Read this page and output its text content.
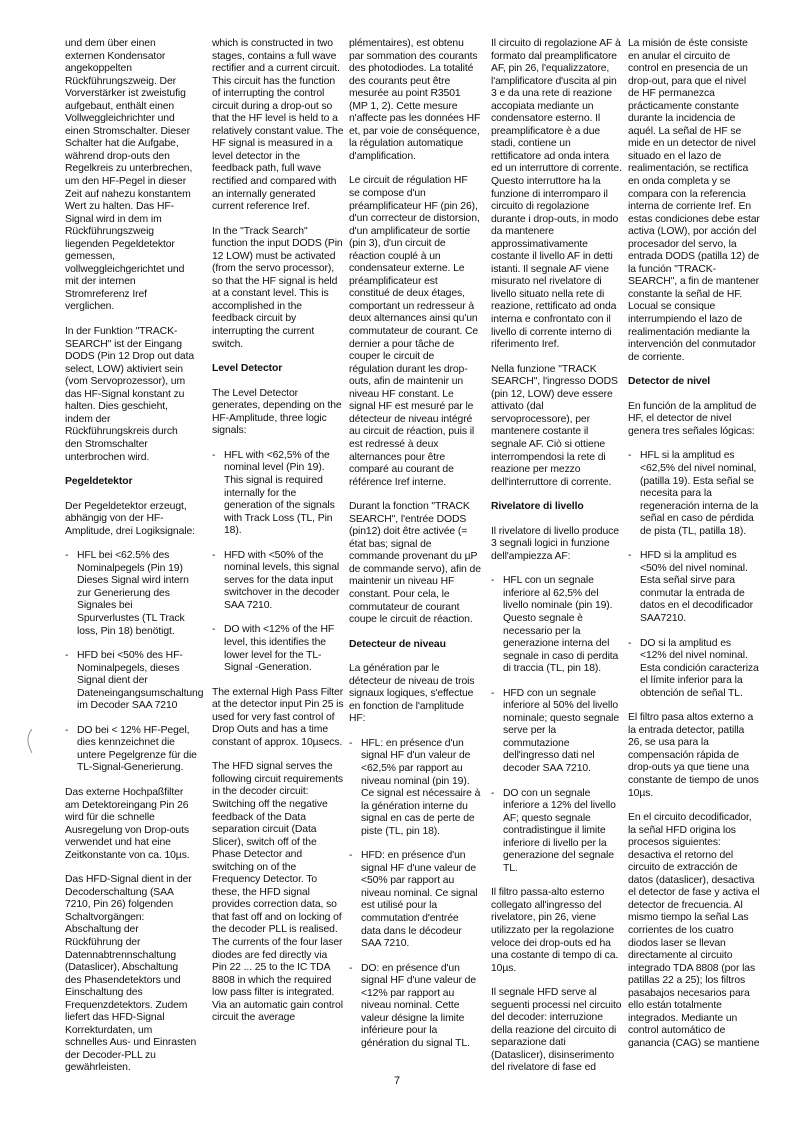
und dem über einen externen Kondensator angekoppelten Rückführungszweig. Der Vorverstärker ist zweistufig aufgebaut, enthält einen Vollweggleichrichter und einen Stromschalter. Dieser Schalter hat die Aufgabe, während drop-outs den Regelkreis zu unterbrechen, um den HF-Pegel in dieser Zeit auf nahezu konstantem Wert zu halten. Das HF-Signal wird in dem im Rückführungszweig liegenden Pegeldetektor gemessen, vollweggleichgerichtet und mit der internen Stromreferenz Iref verglichen.

In der Funktion "TRACK-SEARCH" ist der Eingang DODS (Pin 12 Drop out data select, LOW) aktiviert sein (vom Servoprozessor), um das HF-Signal konstant zu halten. Dies geschieht, indem der Rückführungskreis durch den Stromschalter unterbrochen wird.

Pegeldetektor

Der Pegeldetektor erzeugt, abhängig von der HF-Amplitude, drei Logiksignale:

- HFL bei <62.5% des Nominalpegels (Pin 19) Dieses Signal wird intern zur Generierung des Signales bei Spurverlustes (TL Track loss, Pin 18) benötigt.
- HFD bei <50% des HF-Nominalpegels, dieses Signal dient der Dateneingangsumschaltung im Decoder SAA 7210
- DO bei < 12% HF-Pegel, dies kennzeichnet die untere Pegelgrenze für die TL-Signal-Generierung.

Das externe Hochpaßfilter am Detektoreingang Pin 26 wird für die schnelle Ausregelung von Drop-outs verwendet und hat eine Zeitkonstante von ca. 10µs.

Das HFD-Signal dient in der Decoderschaltung (SAA 7210, Pin 26) folgenden Schaltvorgängen: Abschaltung der Rückführung der Datennabtrennschaltung (Dataslicer), Abschaltung des Phasendetektors und Einschaltung des Frequenzdetektors. Zudem liefert das HFD-Signal Korrekturdaten, um schnelles Aus- und Einrasten der Decoder-PLL zu gewährleisten.

which is constructed in two stages, contains a full wave rectifier and a current circuit. This circuit has the function of interrupting the control circuit during a drop-out so that the HF level is held to a relatively constant value. The HF signal is measured in a level detector in the feedback path, full wave rectified and compared with an internally generated current reference Iref.

In the "Track Search" function the input DODS (Pin 12 LOW) must be activated (from the servo processor), so that the HF signal is held at a constant level. This is accomplished in the feedback circuit by interrupting the current switch.

Level Detector

The Level Detector generates, depending on the HF-Amplitude, three logic signals:

- HFL with <62,5% of the nominal level (Pin 19). This signal is required internally for the generation of the signals with Track Loss (TL, Pin 18).
- HFD with <50% of the nominal levels, this signal serves for the data input switchover in the decoder SAA 7210.
- DO with <12% of the HF level, this identifies the lower level for the TL-Signal -Generation.

The external High Pass Filter at the detector input Pin 25 is used for very fast control of Drop Outs and has a time constant of approx. 10µsecs.

The HFD signal serves the following circuit requirements in the decoder circuit: Switching off the negative feedback of the Data separation circuit (Data Slicer), switch off of the Phase Detector and switching on of the Frequency Detector. To these, the HFD signal provides correction data, so that fast off and on locking of the decoder PLL is realised. The currents of the four laser diodes are fed directly via Pin 22 ... 25 to the IC TDA 8808 in which the required low pass filter is integrated. Via an automatic gain control circuit the average

plémentaires), est obtenu par sommation des courants des photodiodes. La totalité des courants peut être mesurée au point R3501 (MP 1, 2). Cette mesure n'affecte pas les données HF et, par voie de conséquence, la régulation automatique d'amplification.

Le circuit de régulation HF se compose d'un préamplificateur HF (pin 26), d'un correcteur de distorsion, d'un amplificateur de sortie (pin 3), d'un circuit de réaction couplé à un condensateur externe. Le préamplificateur est constitué de deux étages, comportant un redresseur à deux alternances ainsi qu'un commutateur de courant. Ce dernier a pour tâche de couper le circuit de régulation durant les drop-outs, afin de maintenir un niveau HF constant. Le signal HF est mesuré par le détecteur de niveau intégré au circuit de réaction, puis il est redressé à deux alternances pour être comparé au courant de référence Iref interne.

Durant la fonction "TRACK SEARCH", l'entrée DODS (pin12) doit être activée (= état bas; signal de commande provenant du µP de commande servo), afin de maintenir un niveau HF constant. Pour cela, le commutateur de courant coupe le circuit de réaction.

Detecteur de niveau

La génération par le détecteur de niveau de trois signaux logiques, s'effectue en fonction de l'amplitude HF:

- HFL: en présence d'un signal HF d'un valeur de <62,5% par rapport au niveau nominal (pin 19). Ce signal est nécessaire à la génération interne du signal en cas de perte de piste (TL, pin 18).
- HFD: en présence d'un signal HF d'une valeur de <50% par rapport au niveau nominal. Ce signal est utilisé pour la commutation d'entrée data dans le décodeur SAA 7210.
- DO: en présence d'un signal HF d'une valeur de <12% par rapport au niveau nominal. Cette valeur désigne la limite inférieure pour la génération du signal TL.

Il circuito di regolazione AF à formato dal preamplificatore AF, pin 26, l'equalizzatore, l'amplificatore d'uscita al pin 3 e da una rete di reazione accopiata mediante un condensatore esterno. Il preamplificatore è a due stadi, contiene un rettificatore ad onda intera ed un interruttore di corrente. Questo interruttore ha la funzione di interromparo il circuito di regolazione durante i drop-outs, in modo da mantenere approssimativamente costante il livello AF in detti istanti. Il segnale AF viene misurato nel rivelatore di livello situato nella rete di reazione, rettificato ad onda interna e confrontato con il livello di corrente interno di riferimento Iref.

Nella funzione "TRACK SEARCH", l'ingresso DODS (pin 12, LOW) deve essere attivato (dal servoprocessore), per mantenere costante il segnale AF. Ciò si ottiene interrompendosi la rete di reazione per mezzo dell'interruttore di corrente.

Rivelatore di livello

Il rivelatore di livello produce 3 segnali logici in funzione dell'ampiezza AF:

- HFL con un segnale inferiore al 62,5% del livello nominale (pin 19). Questo segnale è necessario per la generazione interna del segnale in caso di perdita di traccia (TL, pin 18).
- HFD con un segnale inferiore al 50% del livello nominale; questo segnale serve per la commutazione dell'ingresso dati nel decoder SAA 7210.
- DO con un segnale inferiore a 12% del livello AF; questo segnale contradistingue il limite inferiore di livello per la generazione del segnale TL.

Il filtro passa-alto esterno collegato all'ingresso del rivelatore, pin 26, viene utilizzato per la regolazione veloce dei drop-outs ed ha una costante di tempo di ca. 10µs.

Il segnale HFD serve al seguenti processi nel circuito del decoder: interruzione della reazione del circuito di separazione dati (Dataslicer), disinserimento del rivelatore di fase ed

La misión de éste consiste en anular el circuito de control en presencia de un drop-out, para que el nivel de HF permanezca prácticamente constante durante la incidencia de aquél. La señal de HF se mide en un detector de nivel situado en el lazo de realimentación, se rectifica en onda completa y se compara con la referencia interna de corriente Iref. En estas condiciones debe estar activa (LOW), por acción del procesador del servo, la entrada DODS (patilla 12) de la función "TRACK-SEARCH", a fin de mantener constante la señal de HF. Locual se consique interrumpiendo el lazo de realimentación mediante la intervención del conmutador de corriente.

Detector de nivel

En función de la amplitud de HF, el detector de nivel genera tres señales lógicas:

- HFL si la amplitud es <62,5% del nivel nominal, (patilla 19). Esta señal se necesita para la regeneración interna de la señal en caso de pérdida de pista (TL, patilla 18).
- HFD si la amplitud es <50% del nivel nominal. Esta señal sirve para conmutar la entrada de datos en el decodificador SAA7210.
- DO si la amplitud es <12% del nivel nominal. Esta condición caracteriza el límite inferior para la obtención de señal TL.

El filtro pasa altos externo a la entrada detector, patilla 26, se usa para la compensación rápida de drop-outs ya que tiene una constante de tiempo de unos 10µs.

En el circuito decodificador, la señal HFD origina los procesos siguientes: desactiva el retorno del circuito de extracción de datos (dataslicer), desactiva el detector de fase y activa el detector de frecuencia. Al mismo tiempo la señal Las corrientes de los cuatro diodos laser se llevan directamente al circuito integrado TDA 8808 (por las patillas 22 a 25); los filtros pasabajos necesarios para ello están totalmente integrados. Mediante un control automático de ganancia (CAG) se mantiene

7
